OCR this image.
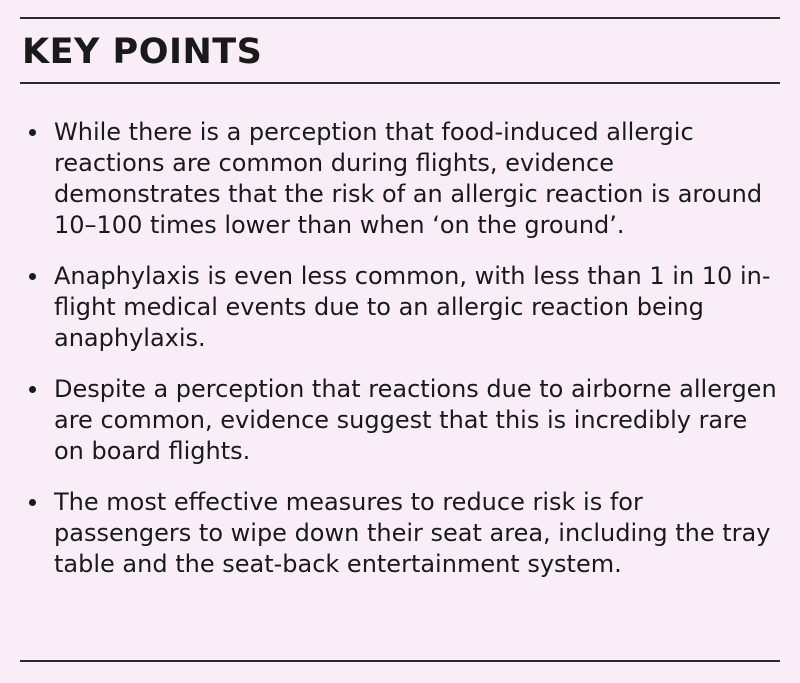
KEY POINTS
While there is a perception that food-induced allergic reactions are common during flights, evidence demonstrates that the risk of an allergic reaction is around 10–100 times lower than when ‘on the ground’.
Anaphylaxis is even less common, with less than 1 in 10 in-flight medical events due to an allergic reaction being anaphylaxis.
Despite a perception that reactions due to airborne allergen are common, evidence suggest that this is incredibly rare on board flights.
The most effective measures to reduce risk is for passengers to wipe down their seat area, including the tray table and the seat-back entertainment system.
